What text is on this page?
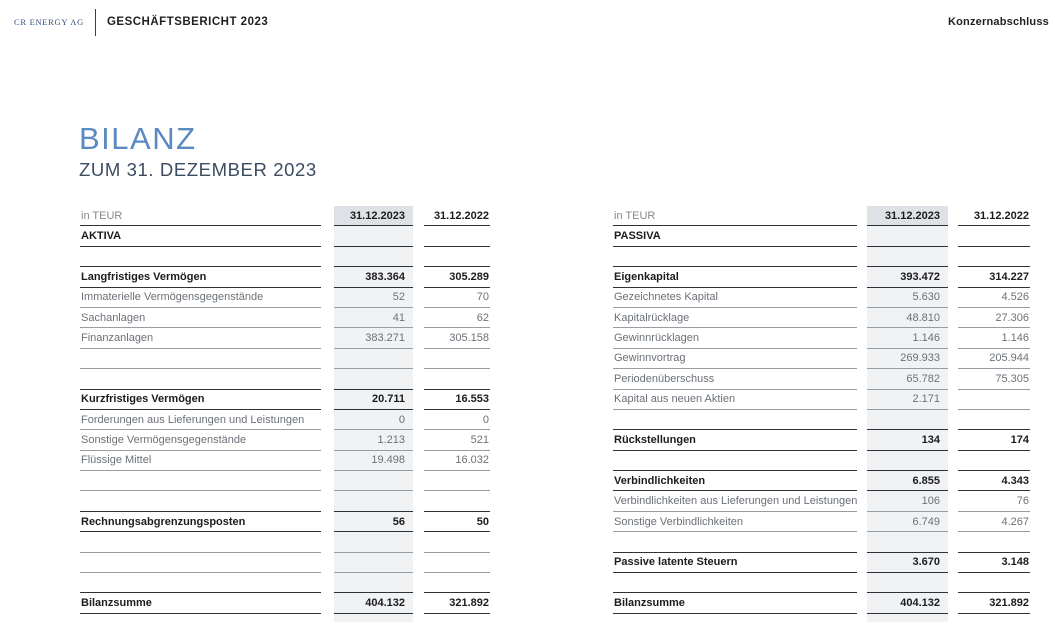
CR ENERGY AG GESCHÄFTSBERICHT 2023	Konzernabschluss
BILANZ
ZUM 31. DEZEMBER 2023
in TEUR	31.12.2023	31.12.2022
AKTIVA
Langfristiges Vermögen	383.364	305.289
Immaterielle Vermögensgegenstände	52	70
Sachanlagen	41	62
Finanzanlagen	383.271	305.158
Kurzfristiges Vermögen	20.711	16.553
Forderungen aus Lieferungen und Leistungen	0	0
Sonstige Vermögensgegenstände	1.213	521
Flüssige Mittel	19.498	16.032
Rechnungsabgrenzungsposten	56	50
Bilanzsumme	404.132	321.892
in TEUR	31.12.2023	31.12.2022
PASSIVA
Eigenkapital	393.472	314.227
Gezeichnetes Kapital	5.630	4.526
Kapitalrücklage	48.810	27.306
Gewinnrücklagen	1.146	1.146
Gewinnvortrag	269.933	205.944
Periodenüberschuss	65.782	75.305
Kapital aus neuen Aktien	2.171
Rückstellungen	134	174
Verbindlichkeiten	6.855	4.343
Verbindlichkeiten aus Lieferungen und Leistungen	106	76
Sonstige Verbindlichkeiten	6.749	4.267
Passive latente Steuern	3.670	3.148
Bilanzsumme	404.132	321.892
